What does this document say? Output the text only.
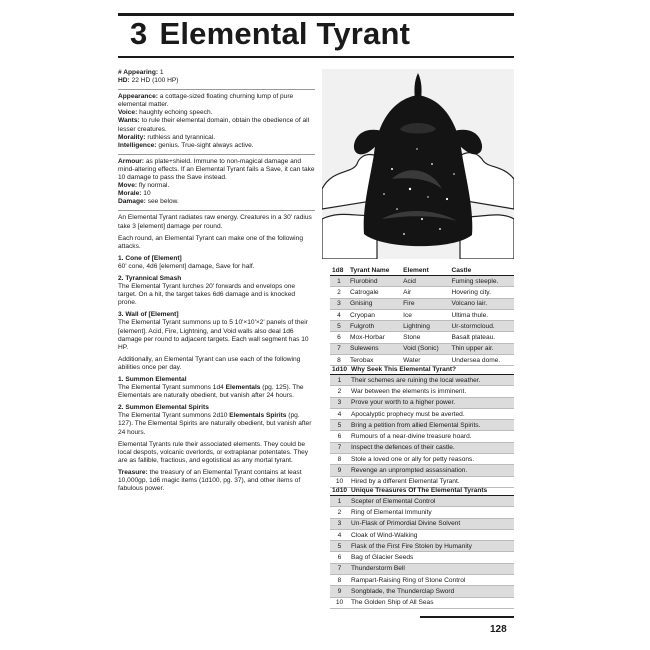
3 Elemental Tyrant

# Appearing: 1

HD: 22 HD (100 HP)

Appearance: a cottage-sized floating churning lump of pure elemental matter.

Voice: haughty echoing speech.

Wants: to rule their elemental domain, obtain the obedience of all lesser creatures.

Morality: ruthless and tyrannical.

Intelligence: genius. True-sight always active.

Armour: as plate+shield. Immune to non-magical damage and mind-altering effects. If an Elemental Tyrant fails a Save, it can take 10 damage to pass the Save instead.

Move: fly normal.

Morale: 10

Damage: see below.

An Elemental Tyrant radiates raw energy. Creatures in a 30' radius take 3 [element] damage per round.

Each round, an Elemental Tyrant can make one of the following attacks.

1. Cone of [Element]

60' cone, 4d6 [element] damage, Save for half.

2. Tyrannical Smash

The Elemental Tyrant lurches 20' forwards and envelops one target. On a hit, the target takes 6d6 damage and is knocked prone.

3. Wall of [Element]

The Elemental Tyrant summons up to 5 10'×10'×2' panels of their [element]. Acid, Fire, Lightning, and Void walls also deal 1d6 damage per round to adjacent targets. Each wall segment has 10 HP.

Additionally, an Elemental Tyrant can use each of the following abilities once per day.

1. Summon Elemental

The Elemental Tyrant summons 1d4 Elementals (pg. 125). The Elementals are naturally obedient, but vanish after 24 hours.

2. Summon Elemental Spirits

The Elemental Tyrant summons 2d10 Elementals Spirits (pg. 127). The Elemental Spirits are naturally obedient, but vanish after 24 hours.

Elemental Tyrants rule their associated elements. They could be local despots, volcanic overlords, or extraplanar potentates. They are as fallible, fractious, and egotistical as any mortal tyrant.

Treasure: the treasury of an Elemental Tyrant contains at least 10,000gp, 1d6 magic items (1d100, pg. 37), and other items of fabulous power.

1d8	Tyrant Name	Element	Castle
1	Flurobind	Acid	Fuming steeple.
2	Catrogale	Air	Hovering city.
3	Gnising	Fire	Volcano lair.
4	Cryopan	Ice	Ultima thule.
5	Fulgroth	Lightning	Ur-stormcloud.
6	Mox-Horbar	Stone	Basalt plateau.
7	Sulewens	Void (Sonic)	Thin upper air.
8	Terobax	Water	Undersea dome.
1d10	Why Seek This Elemental Tyrant?
1	Their schemes are ruining the local weather.
2	War between the elements is imminent.
3	Prove your worth to a higher power.
4	Apocalyptic prophecy must be averted.
5	Bring a petition from allied Elemental Spirits.
6	Rumours of a near-divine treasure hoard.
7	Inspect the defences of their castle.
8	Stole a loved one or ally for petty reasons.
9	Revenge an unprompted assassination.
10	Hired by a different Elemental Tyrant.
1d10	Unique Treasures Of The Elemental Tyrants
1	Scepter of Elemental Control
2	Ring of Elemental Immunity
3	Un-Flask of Primordial Divine Solvent
4	Cloak of Wind-Walking
5	Flask of the First Fire Stolen by Humanity
6	Bag of Glacier Seeds
7	Thunderstorm Bell
8	Rampart-Raising Ring of Stone Control
9	Songblade, the Thunderclap Sword
10	The Golden Ship of All Seas
128
